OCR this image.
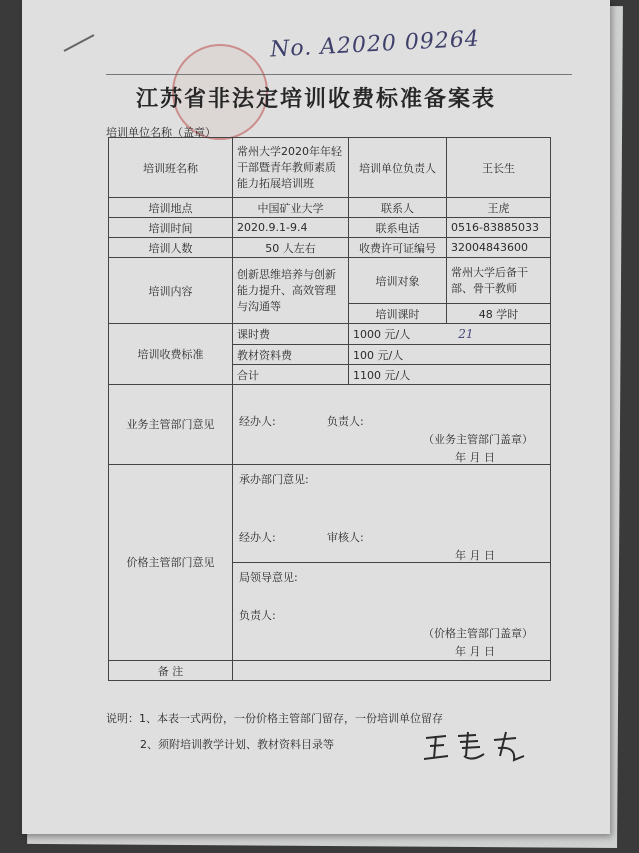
No. A2020 09264
江苏省非法定培训收费标准备案表
培训单位名称（盖章）
培训班名称	常州大学2020年年轻干部暨青年教师素质能力拓展培训班	培训单位负责人	王长生
培训地点	中国矿业大学	联系人	王虎
培训时间	2020.9.1-9.4	联系电话	0516-83885033
培训人数	50 人左右	收费许可证编号	32004843600
培训内容	创新思维培养与创新能力提升、高效管理与沟通等	培训对象	常州大学后备干部、骨干教师
		培训课时	48 学时
培训收费标准	课时费	1000 元/人 21	
	教材资料费	100 元/人	
	合计	1100 元/人	
业务主管部门意见	经办人: 负责人:
（业务主管部门盖章）
年 月 日		

价格主管部门意见	承办部门意见:
经办人: 审核人:
年 月 日		

	局领导意见:
负责人:
（价格主管部门盖章）
年 月 日		

备 注			
说明：1、本表一式两份，一份价格主管部门留存，一份培训单位留存
2、须附培训教学计划、教材资料目录等
